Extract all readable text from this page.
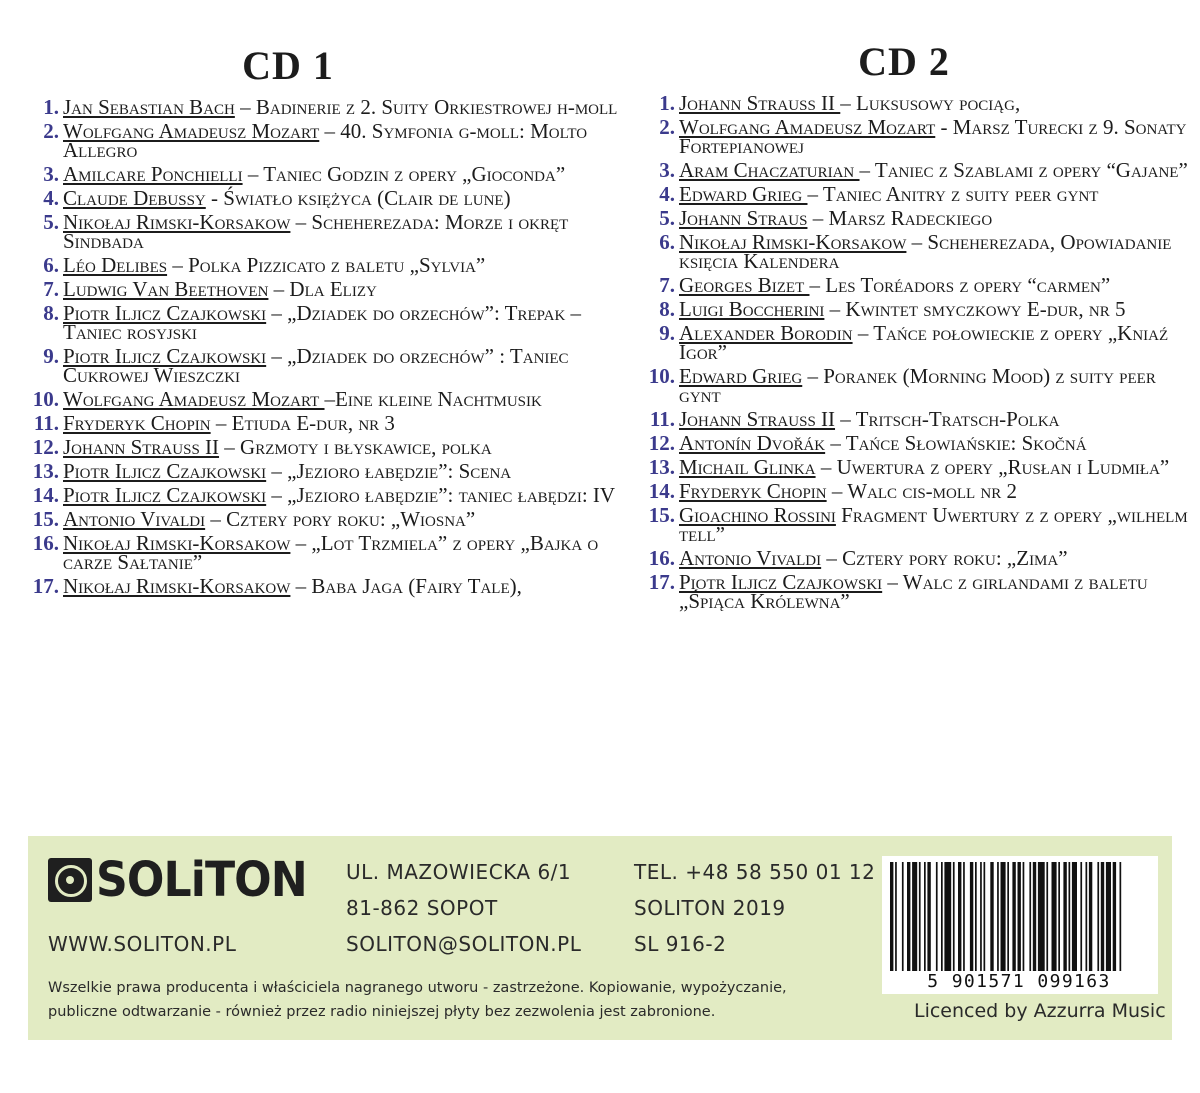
CD 1
1. Jan Sebastian Bach – Badinerie z 2. Suity Orkiestrowej h-moll
2. Wolfgang Amadeusz Mozart – 40. Symfonia g-moll: Molto Allegro
3. Amilcare Ponchielli – Taniec Godzin z opery „Gioconda”
4. Claude Debussy - Światło księżyca (Clair de lune)
5. Nikołaj Rimski-Korsakow – Scheherezada: Morze i okręt Sindbada
6. Léo Delibes – Polka Pizzicato z baletu „Sylvia”
7. Ludwig Van Beethoven – Dla Elizy
8. Piotr Iljicz Czajkowski – „Dziadek do orzechów”: Trepak – Taniec rosyjski
9. Piotr Iljicz Czajkowski – „Dziadek do orzechów” : Taniec Cukrowej Wieszczki
10. Wolfgang Amadeusz Mozart –Eine kleine Nachtmusik
11. Fryderyk Chopin – Etiuda E-dur, nr 3
12. Johann Strauss II – Grzmoty i błyskawice, polka
13. Piotr Iljicz Czajkowski – „Jezioro łabędzie”: Scena
14. Piotr Iljicz Czajkowski – „Jezioro łabędzie”: taniec łabędzi: IV
15. Antonio Vivaldi – Cztery pory roku: „Wiosna”
16. Nikołaj Rimski-Korsakow – „Lot Trzmiela” z opery „Bajka o carze Sałtanie”
17. Nikołaj Rimski-Korsakow – Baba Jaga (Fairy Tale),
CD 2
1. Johann Strauss II – Luksusowy pociąg,
2. Wolfgang Amadeusz Mozart - Marsz Turecki z 9. Sonaty Fortepianowej
3. Aram Chaczaturian – Taniec z Szablami z opery “Gajane”
4. Edward Grieg – Taniec Anitry z suity peer gynt
5. Johann Straus – Marsz Radeckiego
6. Nikołaj Rimski-Korsakow – Scheherezada, Opowiadanie księcia Kalendera
7. Georges Bizet – Les Toréadors z opery “carmen”
8. Luigi Boccherini – Kwintet smyczkowy E-dur, nr 5
9. Alexander Borodin – Tańce połowieckie z opery „Kniaź Igor”
10. Edward Grieg – Poranek (Morning Mood) z suity peer gynt
11. Johann Strauss II – Tritsch-Tratsch-Polka
12. Antonín Dvořák – Tańce Słowiańskie: Skočná
13. Michail Glinka – Uwertura z opery „Rusłan i Ludmiła”
14. Fryderyk Chopin – Walc cis-moll nr 2
15. Gioachino Rossini Fragment Uwertury z z opery „wilhelm tell”
16. Antonio Vivaldi – Cztery pory roku: „Zima”
17. Piotr Iljicz Czajkowski – Walc z girlandami z baletu „Śpiąca Królewna”
SOLiTON
WWW.SOLITON.PL
UL. MAZOWIECKA 6/1
81-862 SOPOT
SOLITON@SOLITON.PL
TEL. +48 58 550 01 12
SOLITON 2019
SL 916-2
Wszelkie prawa producenta i właściciela nagranego utworu - zastrzeżone. Kopiowanie, wypożyczanie,
publiczne odtwarzanie - również przez radio niniejszej płyty bez zezwolenia jest zabronione.
5 901571 099163
Licenced by Azzurra Music
